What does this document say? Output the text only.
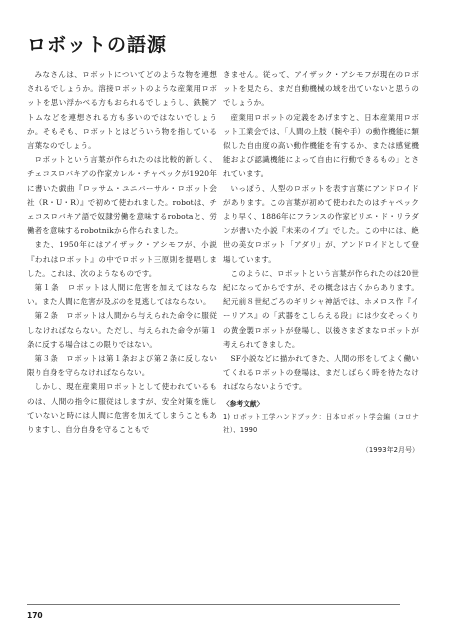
ロボットの語源

みなさんは、ロボットについてどのような物を連想されるでしょうか。溶接ロボットのような産業用ロボットを思い浮かべる方もおられるでしょうし、鉄腕アトムなどを連想される方も多いのではないでしょうか。そもそも、ロボットとはどういう物を指している言葉なのでしょう。

ロボットという言葉が作られたのは比較的新しく、チェコスロバキアの作家カレル・チャペックが1920年に書いた戯曲『ロッサム・ユニバーサル・ロボット会社（R・U・R）』で初めて使われました。robotは、チェコスロバキア語で奴隷労働を意味するrobotaと、労働者を意味するrobotnikから作られました。

また、1950年にはアイザック・アシモフが、小説『われはロボット』の中でロボット三原則を提唱しました。これは、次のようなものです。

第１条　ロボットは人間に危害を加えてはならない。また人間に危害が及ぶのを見逃してはならない。

第２条　ロボットは人間から与えられた命令に服従しなければならない。ただし、与えられた命令が第１条に反する場合はこの限りではない。

第３条　ロボットは第１条および第２条に反しない限り自身を守らなければならない。

しかし、現在産業用ロボットとして使われているものは、人間の指令に服従はしますが、安全対策を施していないと時には人間に危害を加えてしまうこともありますし、自分自身を守ることもで

きません。従って、アイザック・アシモフが現在のロボットを見たら、まだ自動機械の域を出ていないと思うのでしょうか。

産業用ロボットの定義をあげますと、日本産業用ロボット工業会では、「人間の上肢（腕や手）の動作機能に類似した自由度の高い動作機能を有するか、または感覚機能および認識機能によって自由に行動できるもの」とされています。

いっぽう、人型のロボットを表す言葉にアンドロイドがあります。この言葉が初めて使われたのはチャペックより早く、1886年にフランスの作家ビリエ・ド・リラダンが書いた小説『未来のイブ』でした。この中には、絶世の美女ロボット「アダリ」が、アンドロイドとして登場しています。

このように、ロボットという言葉が作られたのは20世紀になってからですが、その概念は古くからあります。紀元前８世紀ごろのギリシャ神話では、ホメロス作『イーリアス』の「武器をこしらえる段」には少女そっくりの黄金製ロボットが登場し、以後さまざまなロボットが考えられてきました。

SF小説などに描かれてきた、人間の形をしてよく働いてくれるロボットの登場は、まだしばらく時を待たなければならないようです。

〈参考文献〉

1) ロボット工学ハンドブック：日本ロボット学会編（コロナ社）、1990

（1993年2月号）

170
